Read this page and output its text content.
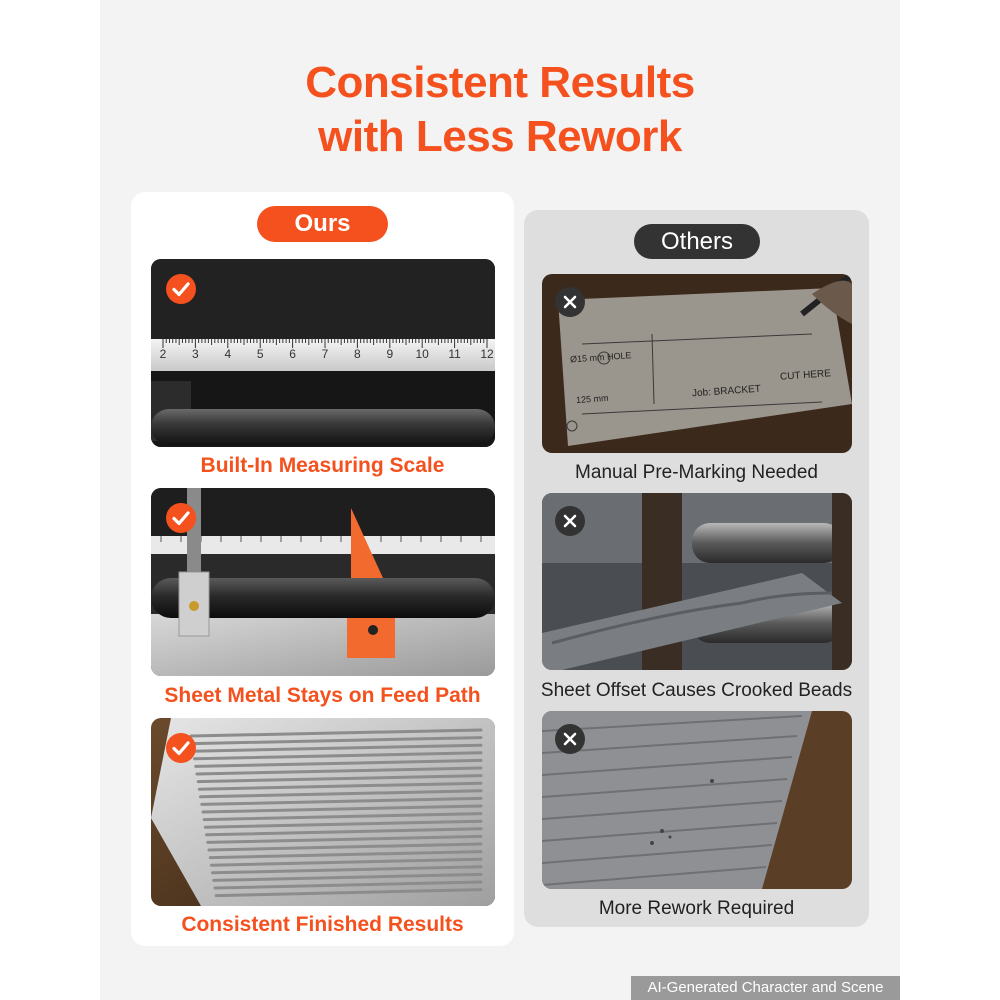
Consistent Results
with Less Rework
Ours
2 3 4 5 6 7 8 9 10 11 12
Built-In Measuring Scale
Sheet Metal Stays on Feed Path
Consistent Finished Results
Others
Ø15 mm HOLE
125 mm	Job: BRACKET
CUT HERE
Manual Pre-Marking Needed
Sheet Offset Causes Crooked Beads
More Rework Required
AI-Generated Character and Scene
